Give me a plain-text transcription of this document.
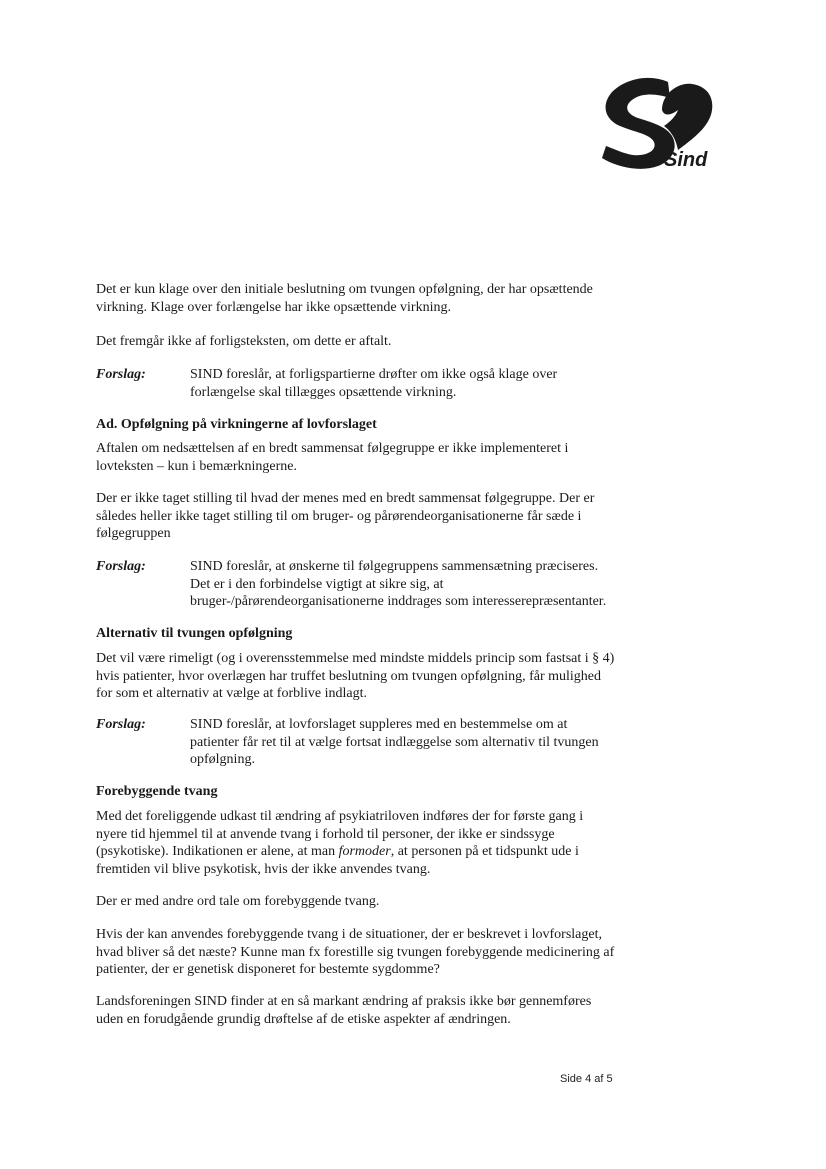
Sind
Det er kun klage over den initiale beslutning om tvungen opfølgning, der har opsættende virkning. Klage over forlængelse har ikke opsættende virkning.
Det fremgår ikke af forligsteksten, om dette er aftalt.
Forslag:	SIND foreslår, at forligspartierne drøfter om ikke også klage over forlængelse skal tillægges opsættende virkning.
Ad. Opfølgning på virkningerne af lovforslaget
Aftalen om nedsættelsen af en bredt sammensat følgegruppe er ikke implementeret i lovteksten – kun i bemærkningerne.
Der er ikke taget stilling til hvad der menes med en bredt sammensat følgegruppe. Der er således heller ikke taget stilling til om bruger- og pårørendeorganisationerne får sæde i følgegruppen
Forslag:	SIND foreslår, at ønskerne til følgegruppens sammensætning præciseres. Det er i den forbindelse vigtigt at sikre sig, at bruger-/pårørendeorganisationerne inddrages som interesserepræsentanter.
Alternativ til tvungen opfølgning
Det vil være rimeligt (og i overensstemmelse med mindste middels princip som fastsat i § 4) hvis patienter, hvor overlægen har truffet beslutning om tvungen opfølgning, får mulighed for som et alternativ at vælge at forblive indlagt.
Forslag:	SIND foreslår, at lovforslaget suppleres med en bestemmelse om at patienter får ret til at vælge fortsat indlæggelse som alternativ til tvungen opfølgning.
Forebyggende tvang
Med det foreliggende udkast til ændring af psykiatriloven indføres der for første gang i nyere tid hjemmel til at anvende tvang i forhold til personer, der ikke er sindssyge (psykotiske). Indikationen er alene, at man formoder, at personen på et tidspunkt ude i fremtiden vil blive psykotisk, hvis der ikke anvendes tvang.
Der er med andre ord tale om forebyggende tvang.
Hvis der kan anvendes forebyggende tvang i de situationer, der er beskrevet i lovforslaget, hvad bliver så det næste? Kunne man fx forestille sig tvungen forebyggende medicinering af patienter, der er genetisk disponeret for bestemte sygdomme?
Landsforeningen SIND finder at en så markant ændring af praksis ikke bør gennemføres uden en forudgående grundig drøftelse af de etiske aspekter af ændringen.
Side 4 af 5
